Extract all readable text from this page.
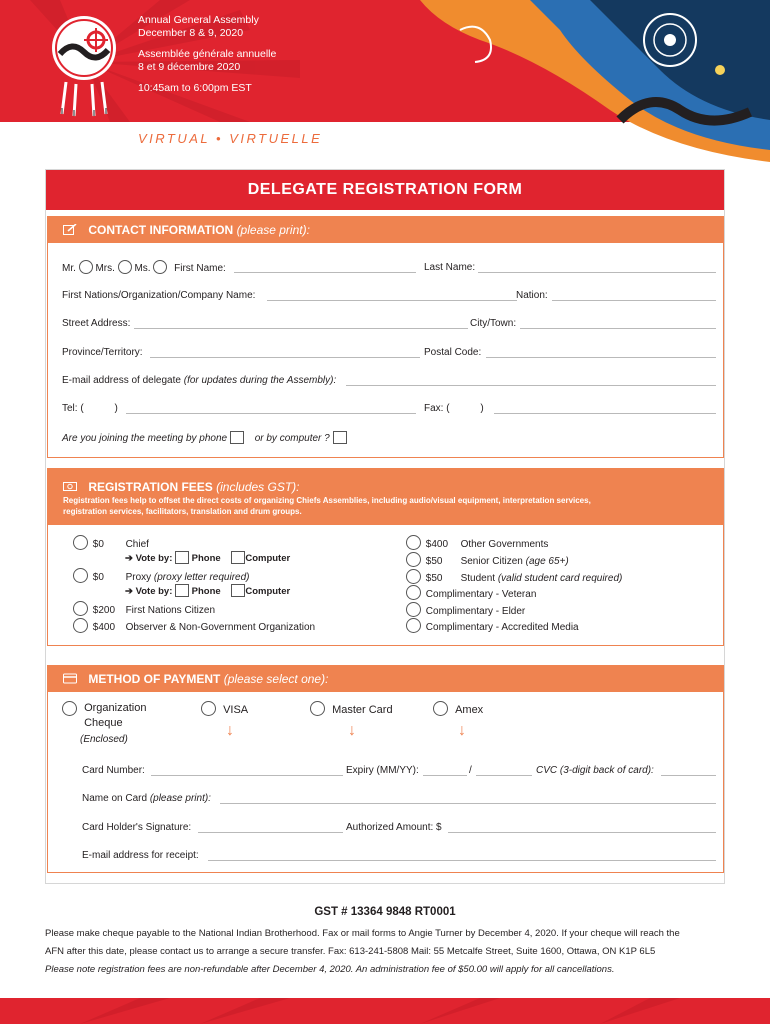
Annual General Assembly
December 8 & 9, 2020
Assemblée générale annuelle
8 et 9 décembre 2020
10:45am to 6:00pm EST
VIRTUAL • VIRTUELLE
DELEGATE REGISTRATION FORM
CONTACT INFORMATION (please print):
Mr. Mrs. Ms. First Name:	Last Name:
First Nations/Organization/Company Name:	Nation:
Street Address:	City/Town:
Province/Territory:	Postal Code:
E-mail address of delegate (for updates during the Assembly):
Tel: (	)	Fax: (	)
Are you joining the meeting by phone	or by computer ?
REGISTRATION FEES (includes GST):
Registration fees help to offset the direct costs of organizing Chiefs Assemblies, including audio/visual equipment, interpretation services,
registration services, facilitators, translation and drum groups.
$0 Chief
➔ Vote by: Phone	Computer
$0 Proxy (proxy letter required)
➔ Vote by: Phone	Computer
$200 First Nations Citizen
$400 Observer & Non-Government Organization
$400 Other Governments
$50 Senior Citizen (age 65+)
$50 Student (valid student card required)
Complimentary - Veteran
Complimentary - Elder
Complimentary - Accredited Media
METHOD OF PAYMENT (please select one):
Organization
Cheque
(Enclosed)
VISA	Master Card	Amex
↓	↓	↓
Card Number:	Expiry (MM/YY):	/	CVC (3-digit back of card):
Name on Card (please print):
Card Holder's Signature:	Authorized Amount: $
E-mail address for receipt:
GST # 13364 9848 RT0001
Please make cheque payable to the National Indian Brotherhood. Fax or mail forms to Angie Turner by December 4, 2020. If your cheque will reach the
AFN after this date, please contact us to arrange a secure transfer. Fax: 613-241-5808 Mail: 55 Metcalfe Street, Suite 1600, Ottawa, ON K1P 6L5
Please note registration fees are non-refundable after December 4, 2020. An administration fee of $50.00 will apply for all cancellations.
